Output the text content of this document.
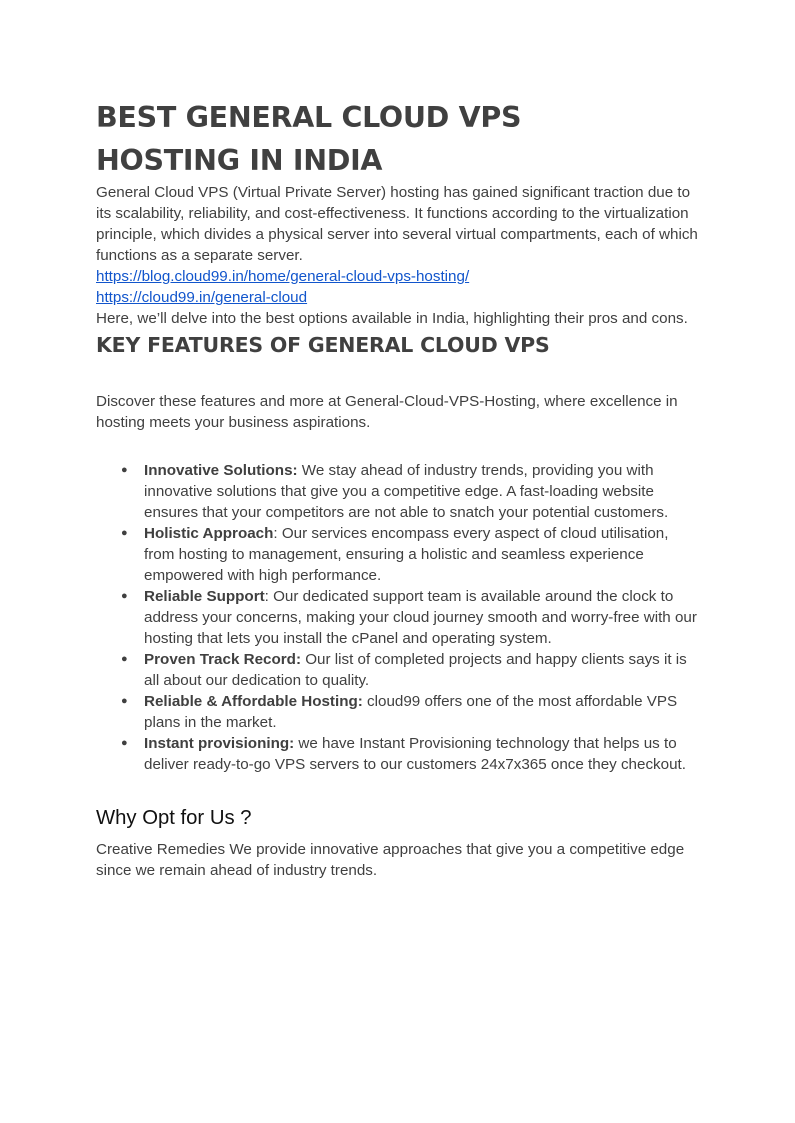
BEST GENERAL CLOUD VPS
HOSTING IN INDIA

General Cloud VPS (Virtual Private Server) hosting has gained significant traction due to its scalability, reliability, and cost-effectiveness. It functions according to the virtualization principle, which divides a physical server into several virtual compartments, each of which functions as a separate server.

https://blog.cloud99.in/home/general-cloud-vps-hosting/
https://cloud99.in/general-cloud

Here, we’ll delve into the best options available in India, highlighting their pros and cons.

KEY FEATURES OF GENERAL CLOUD VPS

Discover these features and more at General-Cloud-VPS-Hosting, where excellence in hosting meets your business aspirations.

● Innovative Solutions: We stay ahead of industry trends, providing you with innovative solutions that give you a competitive edge. A fast-loading website ensures that your competitors are not able to snatch your potential customers.
● Holistic Approach: Our services encompass every aspect of cloud utilisation, from hosting to management, ensuring a holistic and seamless experience empowered with high performance.
● Reliable Support: Our dedicated support team is available around the clock to address your concerns, making your cloud journey smooth and worry-free with our hosting that lets you install the cPanel and operating system.
● Proven Track Record: Our list of completed projects and happy clients says it is all about our dedication to quality.
● Reliable & Affordable Hosting: cloud99 offers one of the most affordable VPS plans in the market.
● Instant provisioning: we have Instant Provisioning technology that helps us to deliver ready-to-go VPS servers to our customers 24x7x365 once they checkout.
Why Opt for Us ?

Creative Remedies We provide innovative approaches that give you a competitive edge since we remain ahead of industry trends.
